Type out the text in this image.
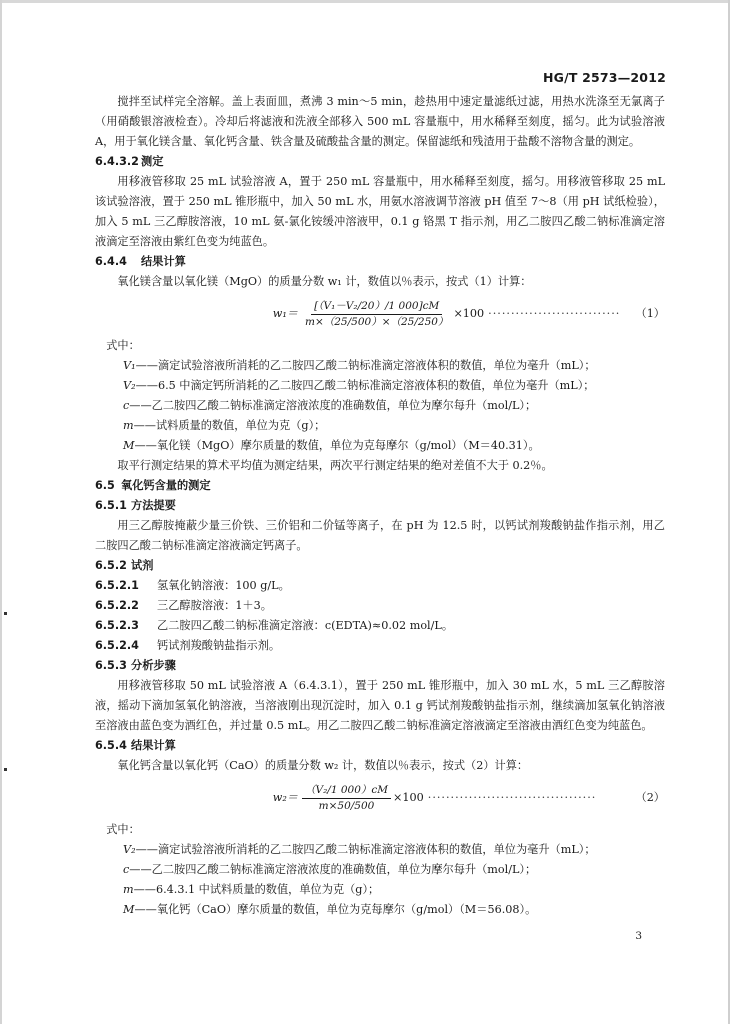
HG/T 2573—2012
搅拌至试样完全溶解。盖上表面皿，煮沸 3 min～5 min，趁热用中速定量滤纸过滤，用热水洗涤至无氯离子（用硝酸银溶液检查）。冷却后将滤液和洗液全部移入 500 mL 容量瓶中，用水稀释至刻度，摇匀。此为试验溶液 A，用于氧化镁含量、氧化钙含量、铁含量及硫酸盐含量的测定。保留滤纸和残渣用于盐酸不溶物含量的测定。
6.4.3.2 测定
用移液管移取 25 mL 试验溶液 A，置于 250 mL 容量瓶中，用水稀释至刻度，摇匀。用移液管移取 25 mL 该试验溶液，置于 250 mL 锥形瓶中，加入 50 mL 水，用氨水溶液调节溶液 pH 值至 7～8（用 pH 试纸检验），加入 5 mL 三乙醇胺溶液，10 mL 氨-氯化铵缓冲溶液甲，0.1 g 铬黑 T 指示剂，用乙二胺四乙酸二钠标准滴定溶液滴定至溶液由紫红色变为纯蓝色。
6.4.4 结果计算
氧化镁含量以氧化镁（MgO）的质量分数 w₁ 计，数值以％表示，按式（1）计算：
$w_1= \frac{\text{[（V₁－V₂/20）/1 000]cM}}{m\times(25/500)\times(25/250)} \times 100$ ·····························	（1）
式中：
V₁ ——滴定试验溶液所消耗的乙二胺四乙酸二钠标准滴定溶液体积的数值，单位为毫升（mL）；
V₂ ——6.5 中滴定钙所消耗的乙二胺四乙酸二钠标准滴定溶液体积的数值，单位为毫升（mL）；
c ——乙二胺四乙酸二钠标准滴定溶液浓度的准确数值，单位为摩尔每升（mol/L）；
m ——试料质量的数值，单位为克（g）；
M ——氧化镁（MgO）摩尔质量的数值，单位为克每摩尔（g/mol）（M＝40.31）。
取平行测定结果的算术平均值为测定结果，两次平行测定结果的绝对差值不大于 0.2％。
6.5 氧化钙含量的测定
6.5.1 方法提要
用三乙醇胺掩蔽少量三价铁、三价铝和二价锰等离子，在 pH 为 12.5 时，以钙试剂羧酸钠盐作指示剂，用乙二胺四乙酸二钠标准滴定溶液滴定钙离子。
6.5.2 试剂
6.5.2.1	氢氧化钠溶液：100 g/L。
6.5.2.2	三乙醇胺溶液：1＋3。
6.5.2.3	乙二胺四乙酸二钠标准滴定溶液：c(EDTA)≈0.02 mol/L。
6.5.2.4	钙试剂羧酸钠盐指示剂。
6.5.3 分析步骤
用移液管移取 50 mL 试验溶液 A（6.4.3.1），置于 250 mL 锥形瓶中，加入 30 mL 水，5 mL 三乙醇胺溶液，摇动下滴加氢氧化钠溶液，当溶液刚出现沉淀时，加入 0.1 g 钙试剂羧酸钠盐指示剂，继续滴加氢氧化钠溶液至溶液由蓝色变为酒红色，并过量 0.5 mL。用乙二胺四乙酸二钠标准滴定溶液滴定至溶液由酒红色变为纯蓝色。
6.5.4 结果计算
氧化钙含量以氧化钙（CaO）的质量分数 w₂ 计，数值以％表示，按式（2）计算：
$w_2= \frac{\text{（V₂/1 000）cM}}{m\times 50/500} \times 100$ ·····································	（2）
式中：
V₂ ——滴定试验溶液所消耗的乙二胺四乙酸二钠标准滴定溶液体积的数值，单位为毫升（mL）；
c ——乙二胺四乙酸二钠标准滴定溶液浓度的准确数值，单位为摩尔每升（mol/L）；
m ——6.4.3.1 中试料质量的数值，单位为克（g）；
M ——氧化钙（CaO）摩尔质量的数值，单位为克每摩尔（g/mol）（M＝56.08）。
3
